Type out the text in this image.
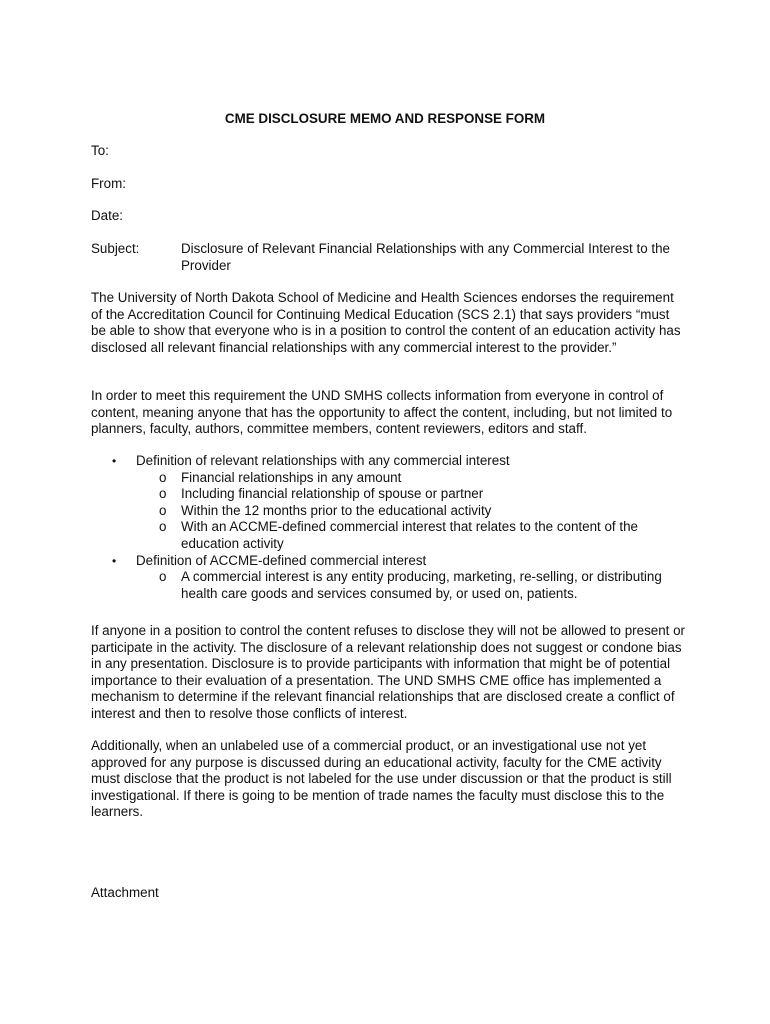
CME DISCLOSURE MEMO AND RESPONSE FORM

To:

From:

Date:

Subject:	Disclosure of Relevant Financial Relationships with any Commercial Interest to the Provider

The University of North Dakota School of Medicine and Health Sciences endorses the requirement of the Accreditation Council for Continuing Medical Education (SCS 2.1) that says providers “must be able to show that everyone who is in a position to control the content of an education activity has disclosed all relevant financial relationships with any commercial interest to the provider.”

In order to meet this requirement the UND SMHS collects information from everyone in control of content, meaning anyone that has the opportunity to affect the content, including, but not limited to planners, faculty, authors, committee members, content reviewers, editors and staff.

• Definition of relevant relationships with any commercial interest
o Financial relationships in any amount
o Including financial relationship of spouse or partner
o Within the 12 months prior to the educational activity
o With an ACCME-defined commercial interest that relates to the content of the education activity
• Definition of ACCME-defined commercial interest
o A commercial interest is any entity producing, marketing, re-selling, or distributing health care goods and services consumed by, or used on, patients.

If anyone in a position to control the content refuses to disclose they will not be allowed to present or participate in the activity. The disclosure of a relevant relationship does not suggest or condone bias in any presentation. Disclosure is to provide participants with information that might be of potential importance to their evaluation of a presentation. The UND SMHS CME office has implemented a mechanism to determine if the relevant financial relationships that are disclosed create a conflict of interest and then to resolve those conflicts of interest.

Additionally, when an unlabeled use of a commercial product, or an investigational use not yet approved for any purpose is discussed during an educational activity, faculty for the CME activity must disclose that the product is not labeled for the use under discussion or that the product is still investigational. If there is going to be mention of trade names the faculty must disclose this to the learners.

Attachment
